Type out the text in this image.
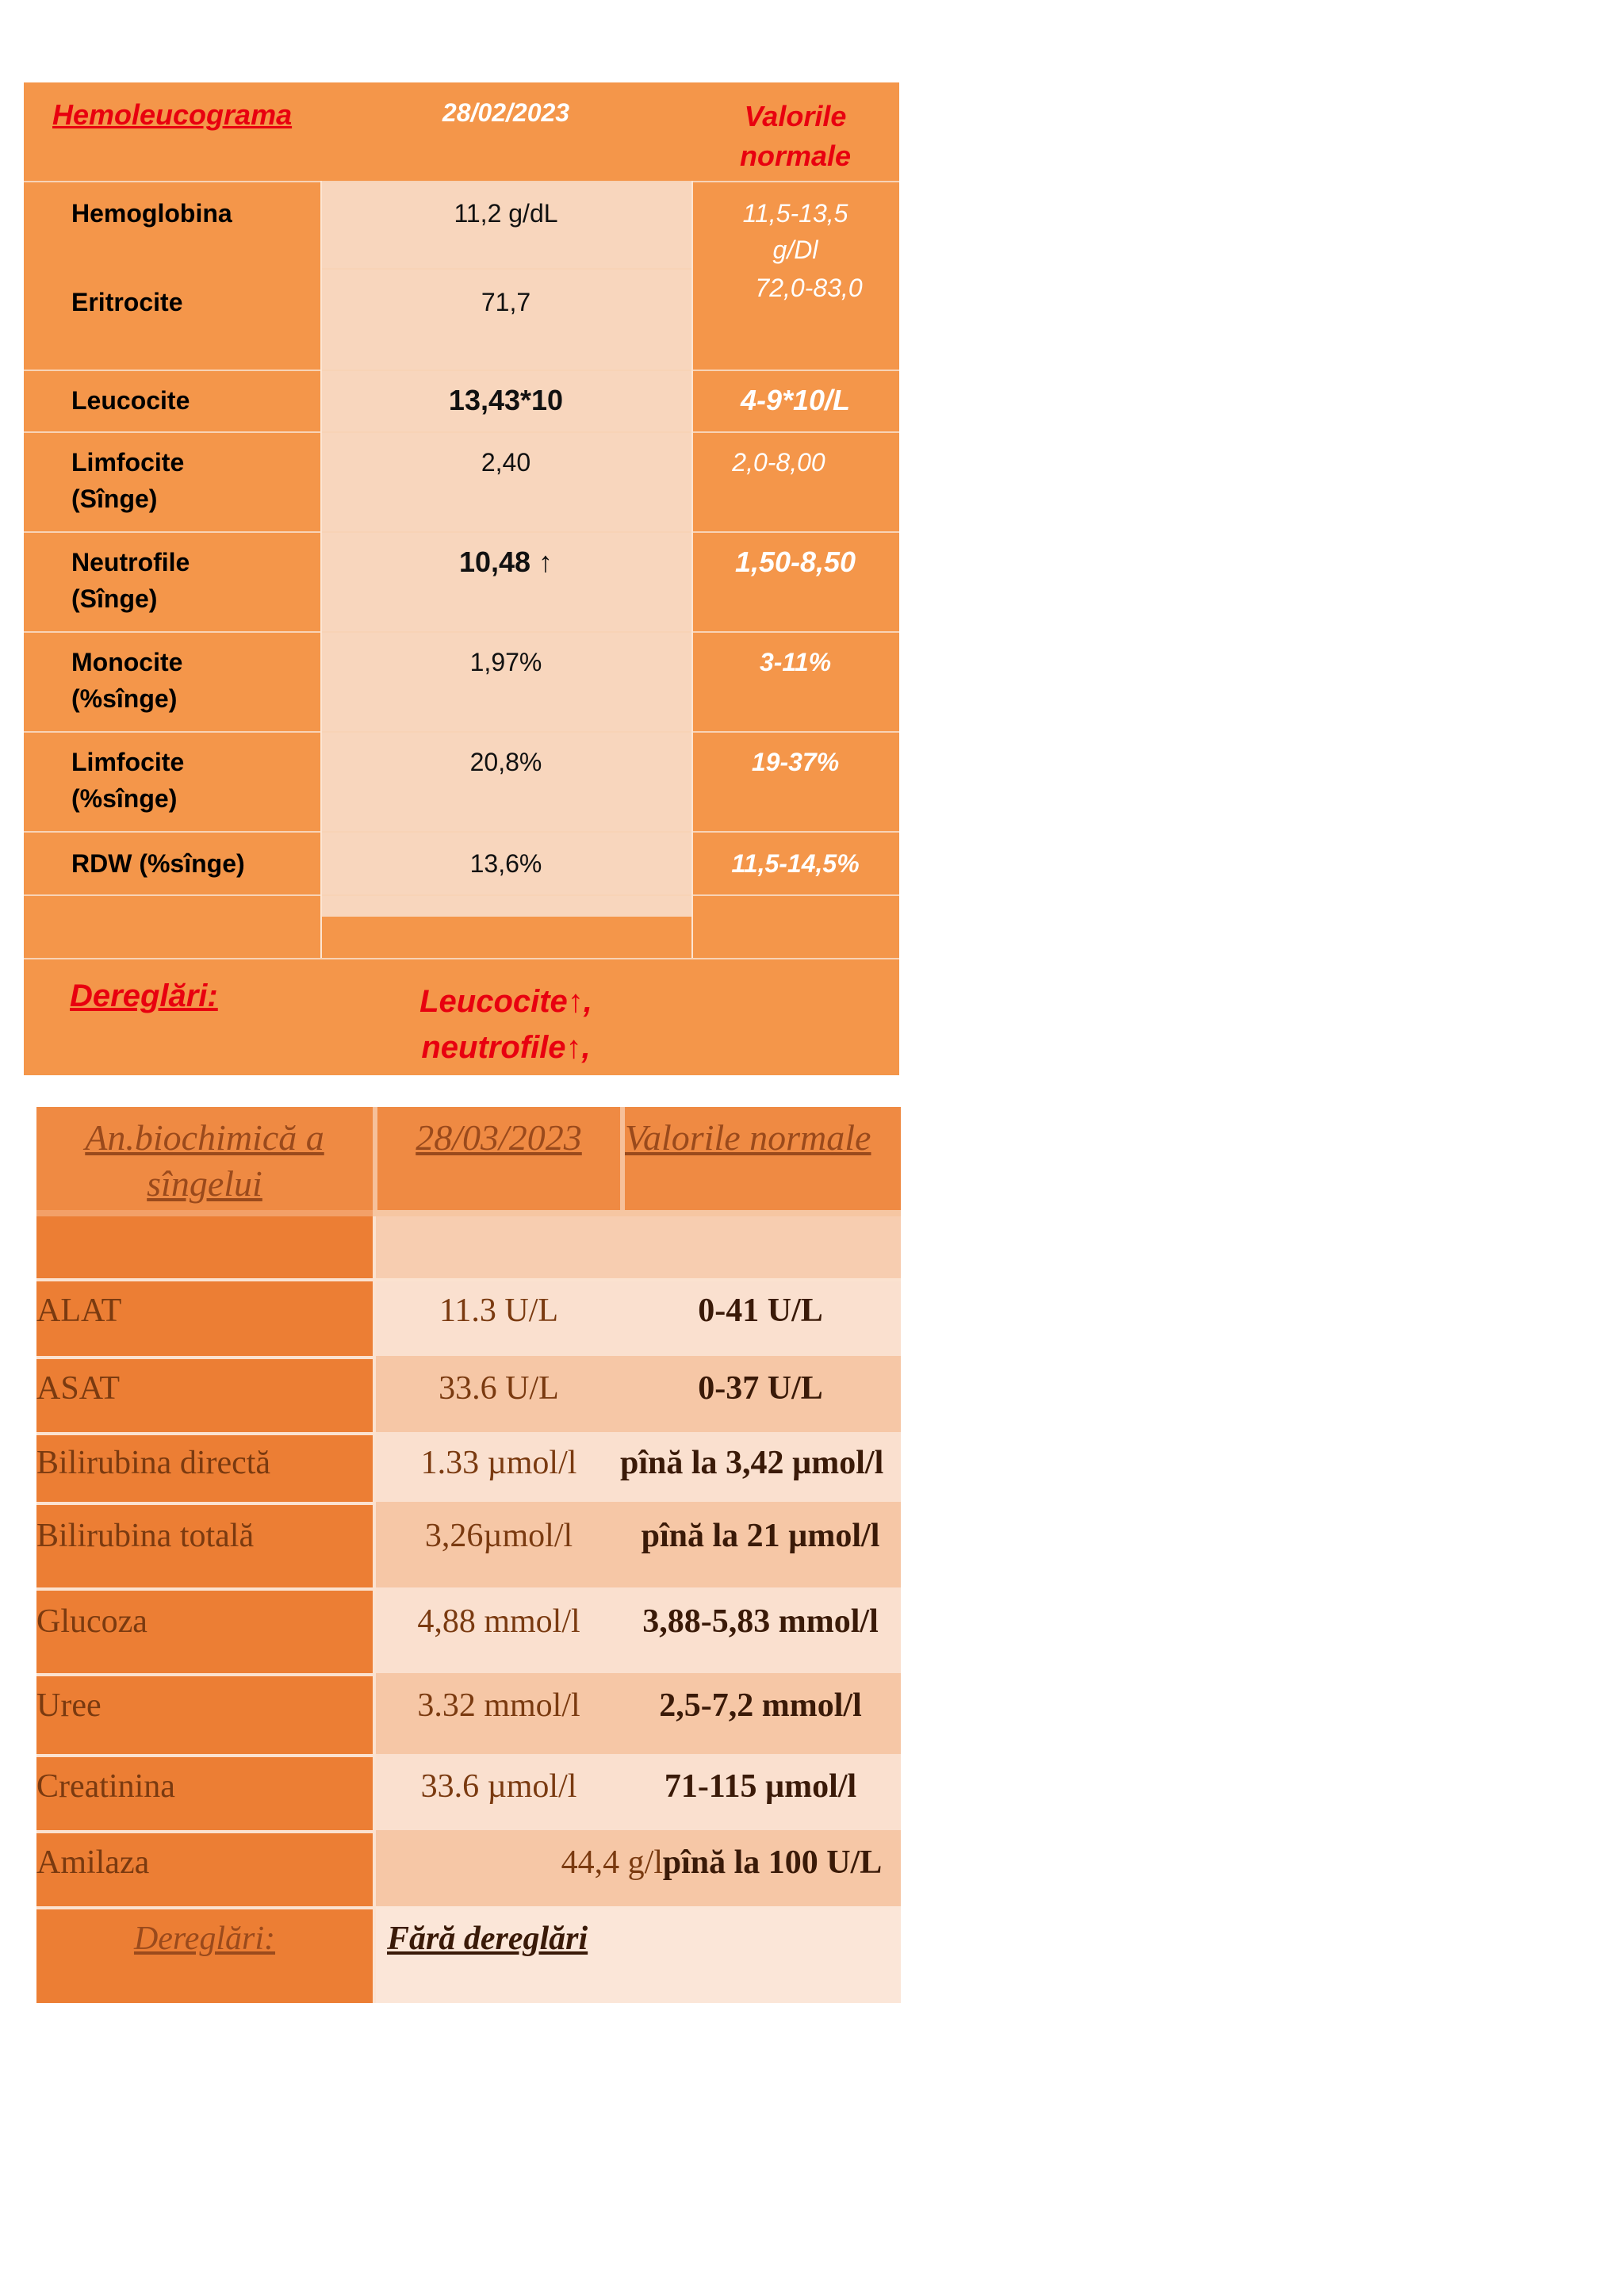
Hemoleucograma	28/02/2023	Valorile
normale
Hemoglobina	11,2 g/dL	11,5-13,5
g/Dl
Eritrocite	71,7	72,0-83,0
Leucocite	13,43*10	4-9*10/L
Limfocite
(Sînge)
2,40	2,0-8,00
Neutrofile
(Sînge)
10,48 ↑	1,50-8,50
Monocite
(%sînge)
1,97%	3-11%
Limfocite
(%sînge)
20,8%	19-37%
RDW (%sînge)	13,6%	11,5-14,5%
Dereglări:	Leucocite↑,
neutrofile↑,
An.biochimică a
sîngelui
28/03/2023	Valorile normale
ALAT	11.3 U/L	0-41 U/L
ASAT	33.6 U/L	0-37 U/L
Bilirubina directă	1.33 µmol/l	pînă la 3,42 µmol/l
Bilirubina totală	3,26µmol/l	pînă la 21 µmol/l
Glucoza	4,88 mmol/l	3,88-5,83 mmol/l
Uree	3.32 mmol/l	2,5-7,2 mmol/l
Creatinina	33.6 µmol/l	71-115 µmol/l
Amilaza	44,4 g/l pînă la 100 U/L
Dereglări:	Fără dereglări
